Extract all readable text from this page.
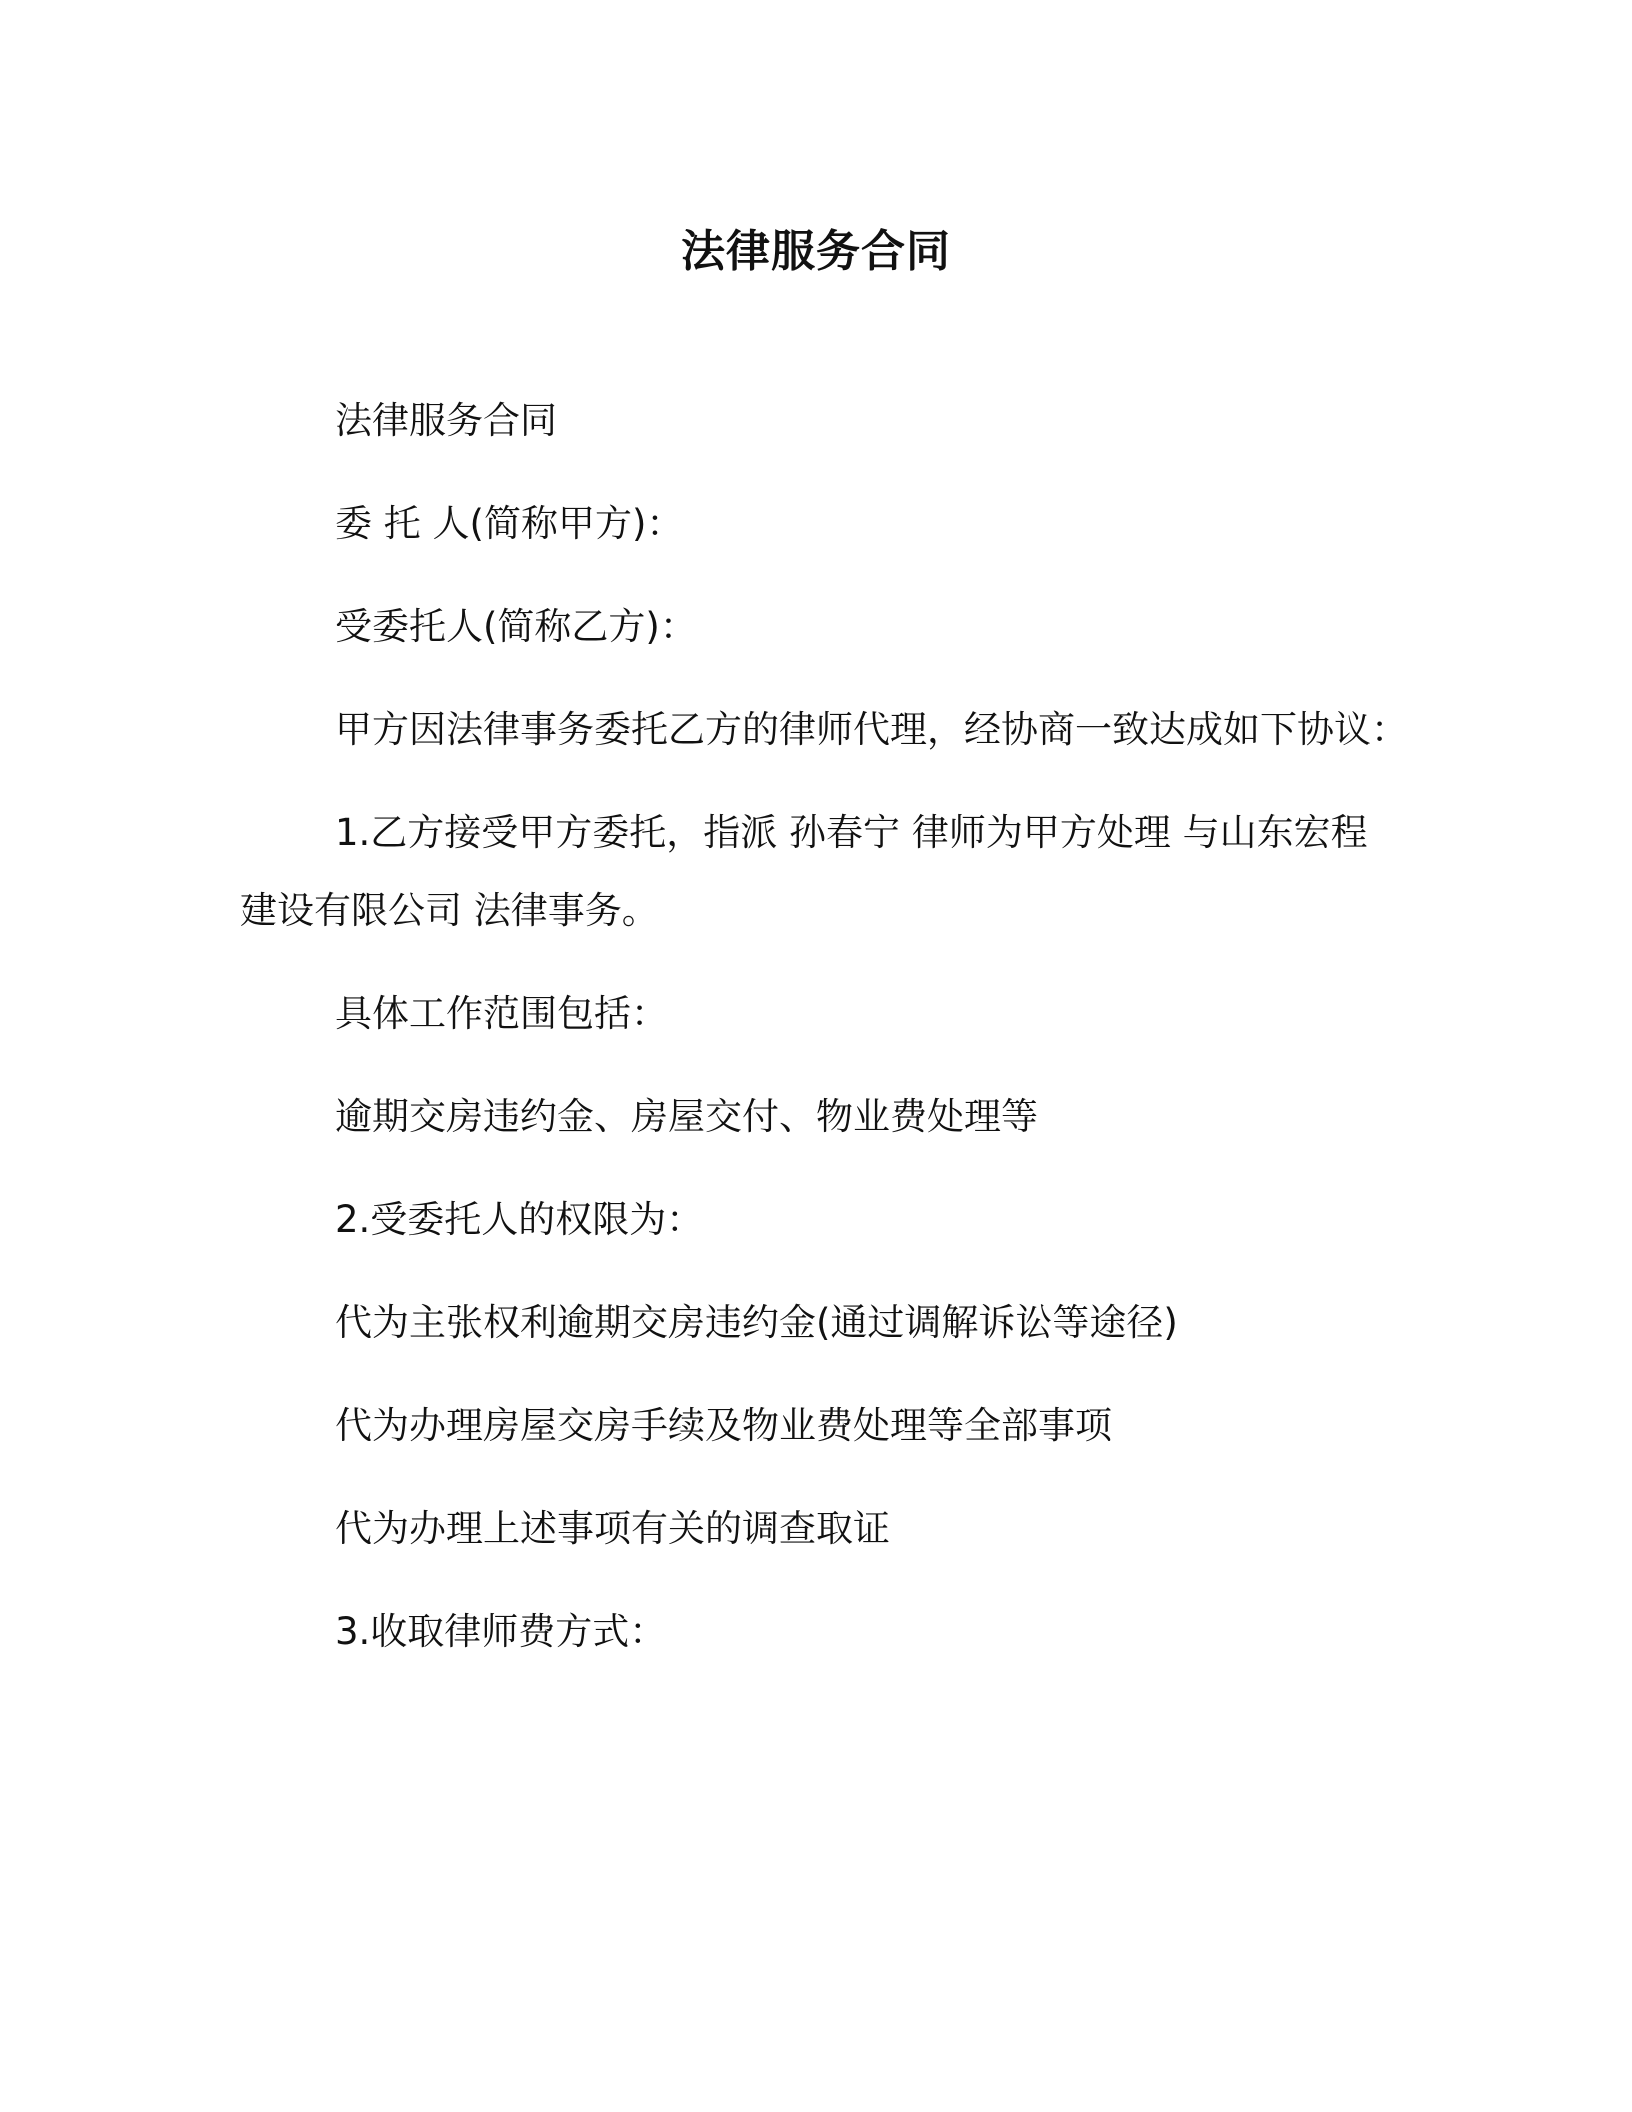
法律服务合同
法律服务合同
委 托 人(简称甲方)：
受委托人(简称乙方)：
甲方因法律事务委托乙方的律师代理，经协商一致达成如下协议：
1.乙方接受甲方委托，指派 孙春宁 律师为甲方处理 与山东宏程
建设有限公司 法律事务。
具体工作范围包括：
逾期交房违约金、房屋交付、物业费处理等
2.受委托人的权限为：
代为主张权利逾期交房违约金(通过调解诉讼等途径)
代为办理房屋交房手续及物业费处理等全部事项
代为办理上述事项有关的调查取证
3.收取律师费方式：
